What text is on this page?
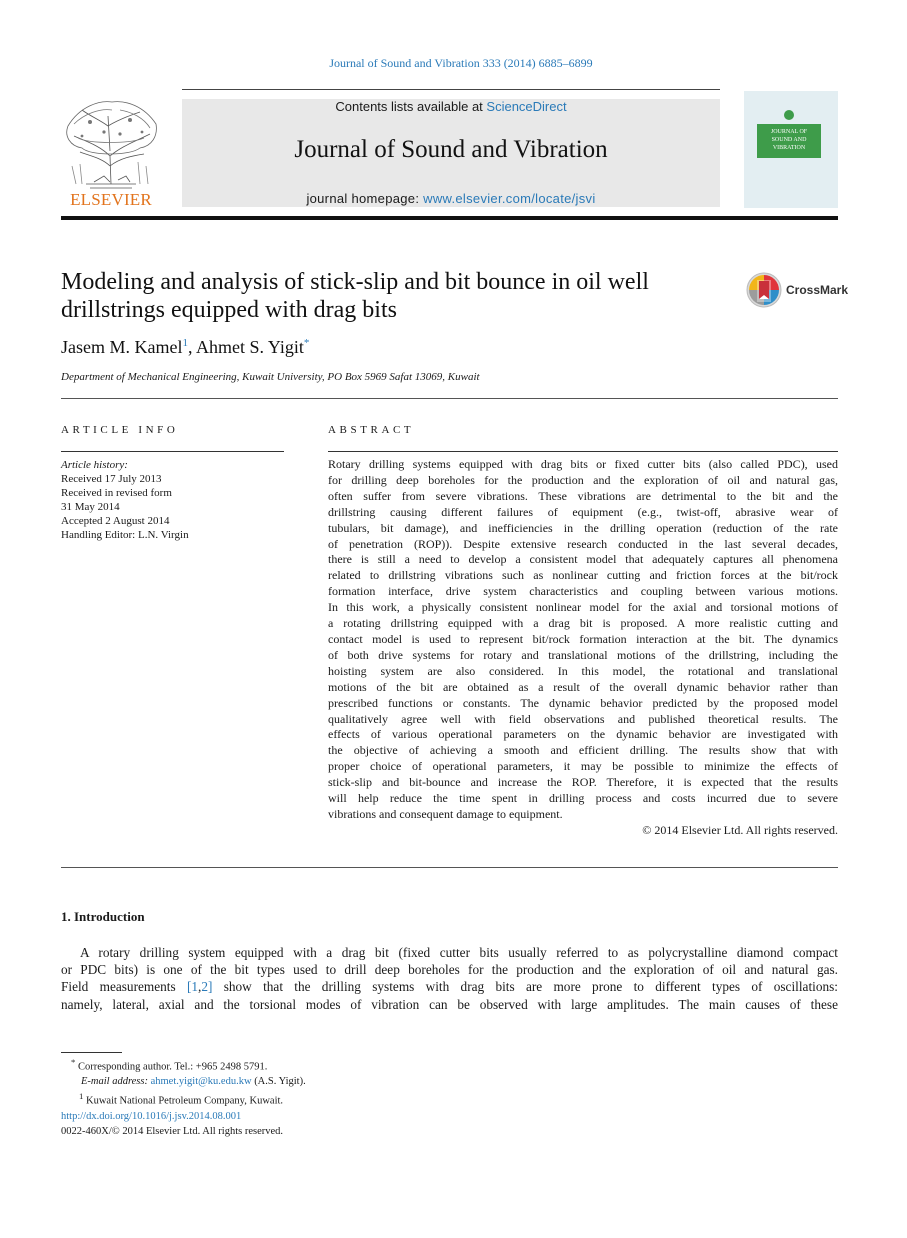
Journal of Sound and Vibration 333 (2014) 6885–6899
ELSEVIER
Contents lists available at ScienceDirect
Journal of Sound and Vibration
journal homepage: www.elsevier.com/locate/jsvi
JOURNAL OF
SOUND AND
VIBRATION
Modeling and analysis of stick-slip and bit bounce in oil well drillstrings equipped with drag bits
CrossMark
Jasem M. Kamel$^1$, Ahmet S. Yigit*
Department of Mechanical Engineering, Kuwait University, PO Box 5969 Safat 13069, Kuwait
ARTICLE INFO
Article history:
Received 17 July 2013
Received in revised form
31 May 2014
Accepted 2 August 2014
Handling Editor: L.N. Virgin
ABSTRACT
Rotary drilling systems equipped with drag bits or fixed cutter bits (also called PDC), used
for drilling deep boreholes for the production and the exploration of oil and natural gas,
often suffer from severe vibrations. These vibrations are detrimental to the bit and the
drillstring causing different failures of equipment (e.g., twist-off, abrasive wear of
tubulars, bit damage), and inefficiencies in the drilling operation (reduction of the rate
of penetration (ROP)). Despite extensive research conducted in the last several decades,
there is still a need to develop a consistent model that adequately captures all phenomena
related to drillstring vibrations such as nonlinear cutting and friction forces at the bit/rock
formation interface, drive system characteristics and coupling between various motions.
In this work, a physically consistent nonlinear model for the axial and torsional motions of
a rotating drillstring equipped with a drag bit is proposed. A more realistic cutting and
contact model is used to represent bit/rock formation interaction at the bit. The dynamics
of both drive systems for rotary and translational motions of the drillstring, including the
hoisting system are also considered. In this model, the rotational and translational
motions of the bit are obtained as a result of the overall dynamic behavior rather than
prescribed functions or constants. The dynamic behavior predicted by the proposed model
qualitatively agree well with field observations and published theoretical results. The
effects of various operational parameters on the dynamic behavior are investigated with
the objective of achieving a smooth and efficient drilling. The results show that with
proper choice of operational parameters, it may be possible to minimize the effects of
stick-slip and bit-bounce and increase the ROP. Therefore, it is expected that the results
will help reduce the time spent in drilling process and costs incurred due to severe
vibrations and consequent damage to equipment.
© 2014 Elsevier Ltd. All rights reserved.
1. Introduction
A rotary drilling system equipped with a drag bit (fixed cutter bits usually referred to as polycrystalline diamond compact
or PDC bits) is one of the bit types used to drill deep boreholes for the production and the exploration of oil and natural gas.
Field measurements [1,2] show that the drilling systems with drag bits are more prone to different types of oscillations:
namely, lateral, axial and the torsional modes of vibration can be observed with large amplitudes. The main causes of these
* Corresponding author. Tel.: +965 2498 5791.
E-mail address: ahmet.yigit@ku.edu.kw (A.S. Yigit).
$^1$ Kuwait National Petroleum Company, Kuwait.
http://dx.doi.org/10.1016/j.jsv.2014.08.001
0022-460X/© 2014 Elsevier Ltd. All rights reserved.
